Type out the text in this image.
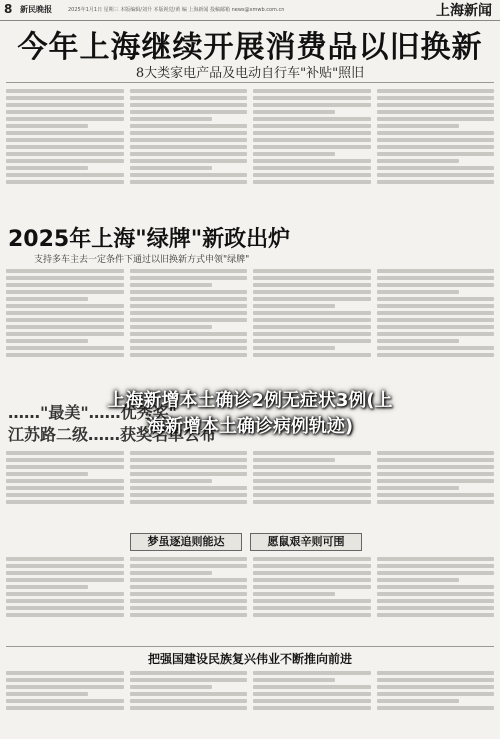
8 新民晚报	2025年1月1日 星期三 本版编辑/刘升 本版视觉/黄 编 上海新闻 投稿邮箱 news@xmwb.com.cn	上海新闻
今年上海继续开展消费品以旧换新
8大类家电产品及电动自行车"补贴"照旧
2025年上海"绿牌"新政出炉
支持多车主去一定条件下通过以旧换新方式申领"绿牌"
……"最美"……优秀奖"
江苏路二级……获奖名单公布
上海新增本土确诊2例无症状3例(上
海新增本土确诊病例轨迹)
梦虽逐追则能达	愿鼠艰辛则可围
把强国建设民族复兴伟业不断推向前进
